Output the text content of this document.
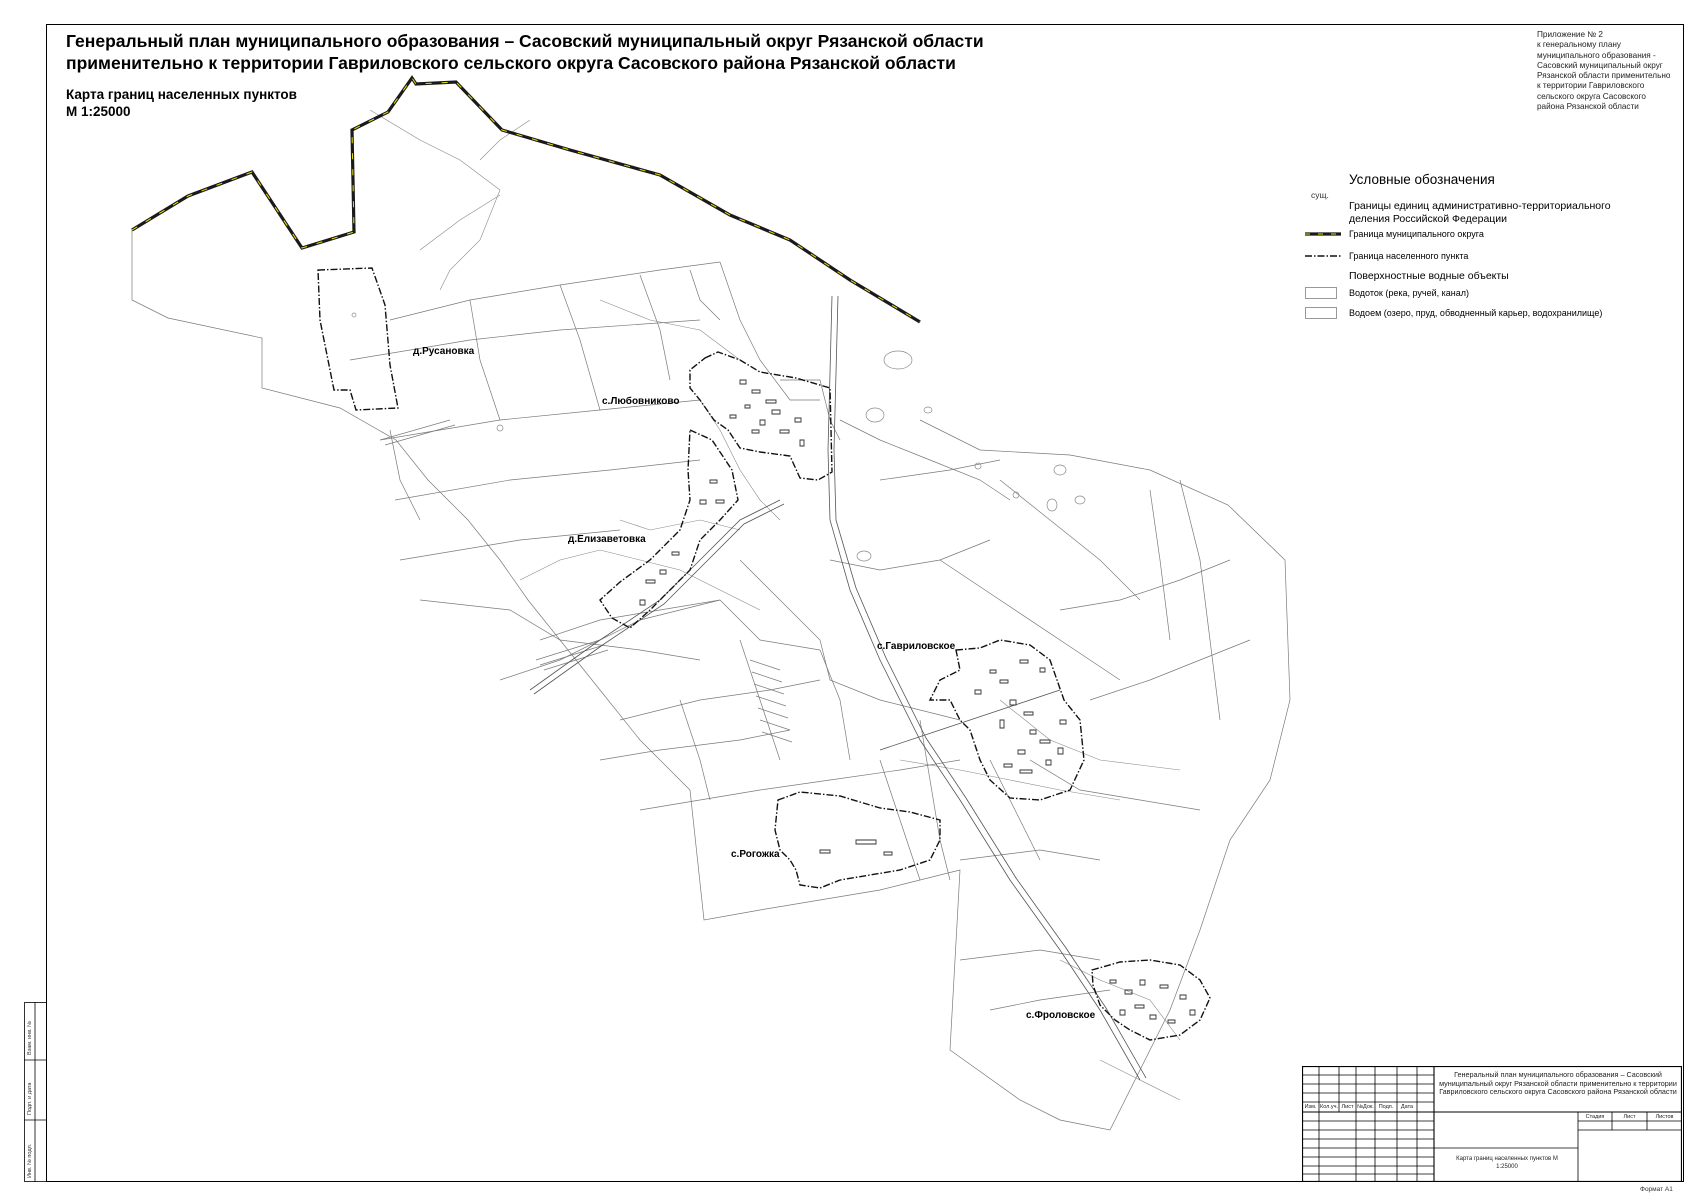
Генеральный план муниципального образования – Сасовский муниципальный округ Рязанской области
применительно к территории Гавриловского сельского округа Сасовского района Рязанской области
Карта границ населенных пунктов
М 1:25000
Приложение № 2
к генеральному плану
муниципального образования -
Сасовский муниципальный округ
Рязанской области применительно
к территории Гавриловского
сельского округа Сасовского
района Рязанской области
Условные обозначения
сущ.
Границы единиц административно-территориального деления Российской Федерации
Граница муниципального округа
Граница населенного пункта
Поверхностные водные объекты
Водоток (река, ручей, канал)
Водоем (озеро, пруд, обводненный карьер, водохранилище)
д.Русановка
с.Любовниково
д.Елизаветовка
с.Гавриловское
с.Рогожка
с.Фроловское
Изм. Кол.уч. Лист №Док. Подп.	Дата
Генеральный план муниципального образования – Сасовский муниципальный округ Рязанской области применительно к территории Гавриловского сельского округа Сасовского района Рязанской области
Стадия	Лист	Листов
Карта границ населенных пунктов М 1:25000
Взам. инв. №
Подп. и дата
Инв. № подл.
Формат А1
